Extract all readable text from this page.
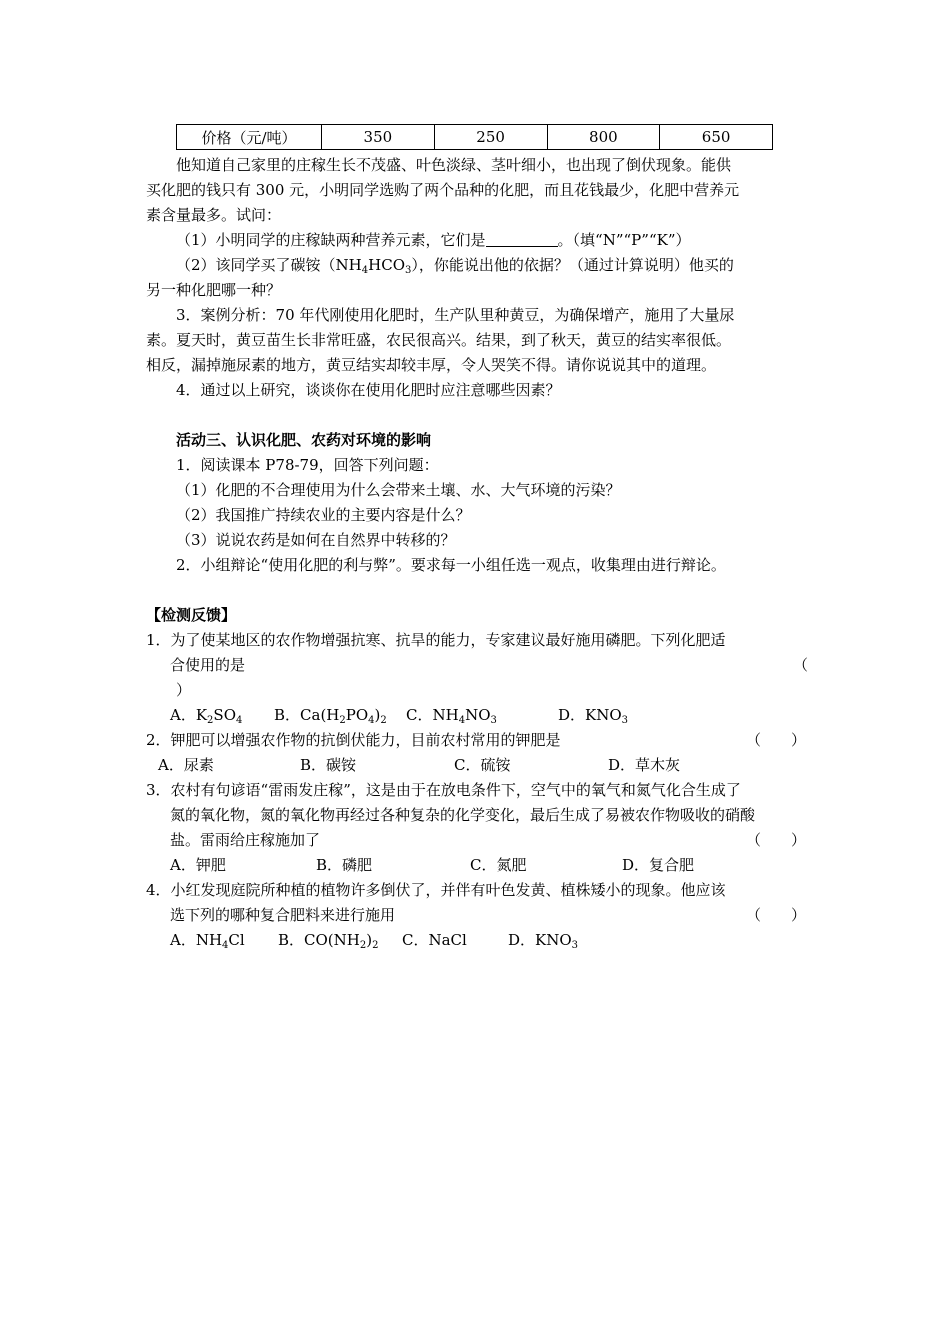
价格（元/吨）	350	250	800	650
他知道自己家里的庄稼生长不茂盛、叶色淡绿、茎叶细小，也出现了倒伏现象。能供
买化肥的钱只有 300 元，小明同学选购了两个品种的化肥，而且花钱最少，化肥中营养元
素含量最多。试问：
（1）小明同学的庄稼缺两种营养元素，它们是	。（填“N”“P”“K”）
（2）该同学买了碳铵$(NH_4HCO_3)$，你能说出他的依据？（通过计算说明）他买的
另一种化肥哪一种？
3．案例分析：70 年代刚使用化肥时，生产队里种黄豆，为确保增产，施用了大量尿
素。夏天时，黄豆苗生长非常旺盛，农民很高兴。结果，到了秋天，黄豆的结实率很低。
相反，漏掉施尿素的地方，黄豆结实却较丰厚，令人哭笑不得。请你说说其中的道理。
4．通过以上研究，谈谈你在使用化肥时应注意哪些因素？
活动三、认识化肥、农药对环境的影响
1．阅读课本 P78-79，回答下列问题：
（1）化肥的不合理使用为什么会带来土壤、水、大气环境的污染？
（2）我国推广持续农业的主要内容是什么？
（3）说说农药是如何在自然界中转移的？
2．小组辩论“使用化肥的利与弊”。要求每一小组任选一观点，收集理由进行辩论。
【检测反馈】
1．为了使某地区的农作物增强抗寒、抗旱的能力，专家建议最好施用磷肥。下列化肥适
合使用的是	（
）
A．$K_2SO_4$ B．$Ca(H_2PO_4)_2$ C．$NH_4NO_3$	D．$KNO_3$
2．钾肥可以增强农作物的抗倒伏能力，目前农村常用的钾肥是	（　　）
A．尿素	B．碳铵	C．硫铵	D．草木灰
3．农村有句谚语“雷雨发庄稼”，这是由于在放电条件下，空气中的氧气和氮气化合生成了
氮的氧化物，氮的氧化物再经过各种复杂的化学变化，最后生成了易被农作物吸收的硝酸
盐。雷雨给庄稼施加了	（　　）
A．钾肥	B．磷肥	C．氮肥	D．复合肥
4．小红发现庭院所种植的植物许多倒伏了，并伴有叶色发黄、植株矮小的现象。他应该
选下列的哪种复合肥料来进行施用	（　　）
A．$NH_4Cl$ B．$CO(NH_2)_2$ C．NaCl	D．$KNO_3$
